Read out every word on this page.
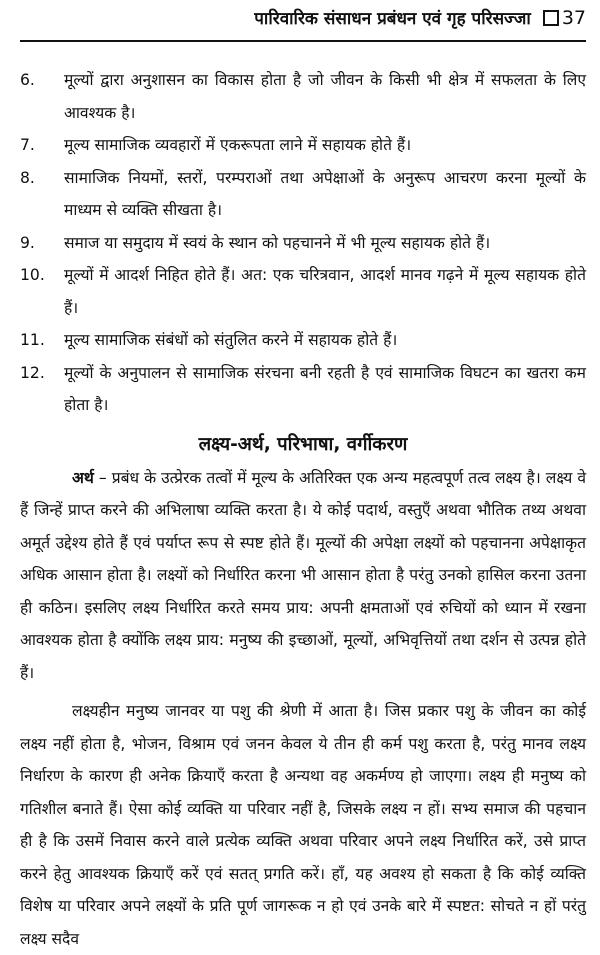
पारिवारिक संसाधन प्रबंधन एवं गृह परिसज्जा 37
6.	मूल्यों द्वारा अनुशासन का विकास होता है जो जीवन के किसी भी क्षेत्र में सफलता के लिए आवश्यक है।
7.	मूल्य सामाजिक व्यवहारों में एकरूपता लाने में सहायक होते हैं।
8.	सामाजिक नियमों, स्तरों, परम्पराओं तथा अपेक्षाओं के अनुरूप आचरण करना मूल्यों के माध्यम से व्यक्ति सीखता है।
9.	समाज या समुदाय में स्वयं के स्थान को पहचानने में भी मूल्य सहायक होते हैं।
10.	मूल्यों में आदर्श निहित होते हैं। अत: एक चरित्रवान, आदर्श मानव गढ़ने में मूल्य सहायक होते हैं।
11.	मूल्य सामाजिक संबंधों को संतुलित करने में सहायक होते हैं।
12.	मूल्यों के अनुपालन से सामाजिक संरचना बनी रहती है एवं सामाजिक विघटन का खतरा कम होता है।
लक्ष्य-अर्थ, परिभाषा, वर्गीकरण
अर्थ – प्रबंध के उत्प्रेरक तत्वों में मूल्य के अतिरिक्त एक अन्य महत्वपूर्ण तत्व लक्ष्य है। लक्ष्य वे हैं जिन्हें प्राप्त करने की अभिलाषा व्यक्ति करता है। ये कोई पदार्थ, वस्तुएँ अथवा भौतिक तथ्य अथवा अमूर्त उद्देश्य होते हैं एवं पर्याप्त रूप से स्पष्ट होते हैं। मूल्यों की अपेक्षा लक्ष्यों को पहचानना अपेक्षाकृत अधिक आसान होता है। लक्ष्यों को निर्धारित करना भी आसान होता है परंतु उनको हासिल करना उतना ही कठिन। इसलिए लक्ष्य निर्धारित करते समय प्राय: अपनी क्षमताओं एवं रुचियों को ध्यान में रखना आवश्यक होता है क्योंकि लक्ष्य प्राय: मनुष्य की इच्छाओं, मूल्यों, अभिवृत्तियों तथा दर्शन से उत्पन्न होते हैं।
लक्ष्यहीन मनुष्य जानवर या पशु की श्रेणी में आता है। जिस प्रकार पशु के जीवन का कोई लक्ष्य नहीं होता है, भोजन, विश्राम एवं जनन केवल ये तीन ही कर्म पशु करता है, परंतु मानव लक्ष्य निर्धारण के कारण ही अनेक क्रियाएँ करता है अन्यथा वह अकर्मण्य हो जाएगा। लक्ष्य ही मनुष्य को गतिशील बनाते हैं। ऐसा कोई व्यक्ति या परिवार नहीं है, जिसके लक्ष्य न हों। सभ्य समाज की पहचान ही है कि उसमें निवास करने वाले प्रत्येक व्यक्ति अथवा परिवार अपने लक्ष्य निर्धारित करें, उसे प्राप्त करने हेतु आवश्यक क्रियाएँ करें एवं सतत् प्रगति करें। हाँ, यह अवश्य हो सकता है कि कोई व्यक्ति विशेष या परिवार अपने लक्ष्यों के प्रति पूर्ण जागरूक न हो एवं उनके बारे में स्पष्टत: सोचते न हों परंतु लक्ष्य सदैव
